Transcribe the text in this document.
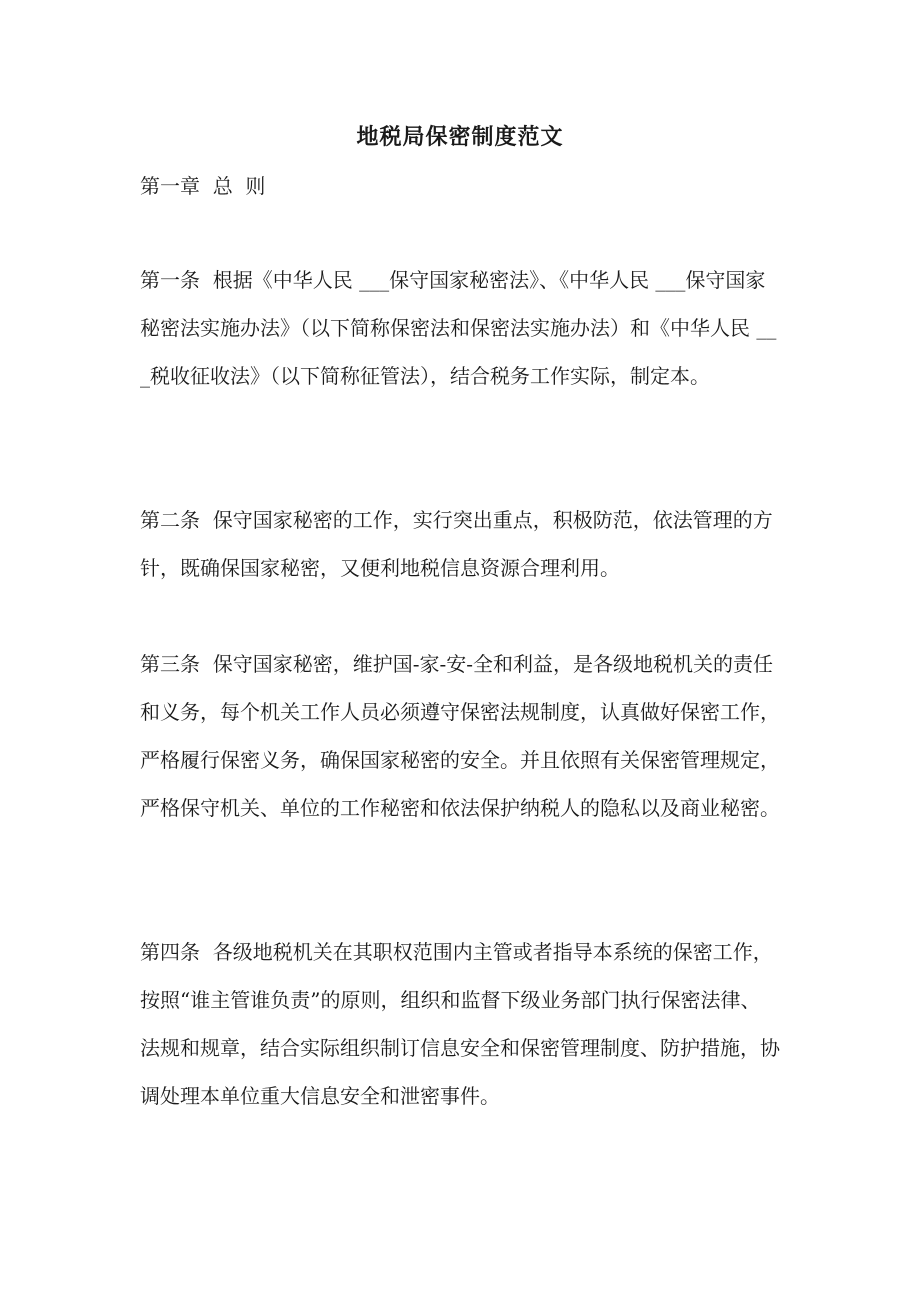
地税局保密制度范文
第一章  总  则
第一条  根据《中华人民 ___保守国家秘密法》、《中华人民 ___保守国家秘密法实施办法》（以下简称保密法和保密法实施办法）和《中华人民 ___税收征收法》（以下简称征管法），结合税务工作实际，制定本。
第二条  保守国家秘密的工作，实行突出重点，积极防范，依法管理的方针，既确保国家秘密，又便利地税信息资源合理利用。
第三条  保守国家秘密，维护国-家-安-全和利益，是各级地税机关的责任和义务，每个机关工作人员必须遵守保密法规制度，认真做好保密工作，严格履行保密义务，确保国家秘密的安全。并且依照有关保密管理规定，严格保守机关、单位的工作秘密和依法保护纳税人的隐私以及商业秘密。
第四条  各级地税机关在其职权范围内主管或者指导本系统的保密工作，按照“谁主管谁负责”的原则，组织和监督下级业务部门执行保密法律、法规和规章，结合实际组织制订信息安全和保密管理制度、防护措施，协调处理本单位重大信息安全和泄密事件。
